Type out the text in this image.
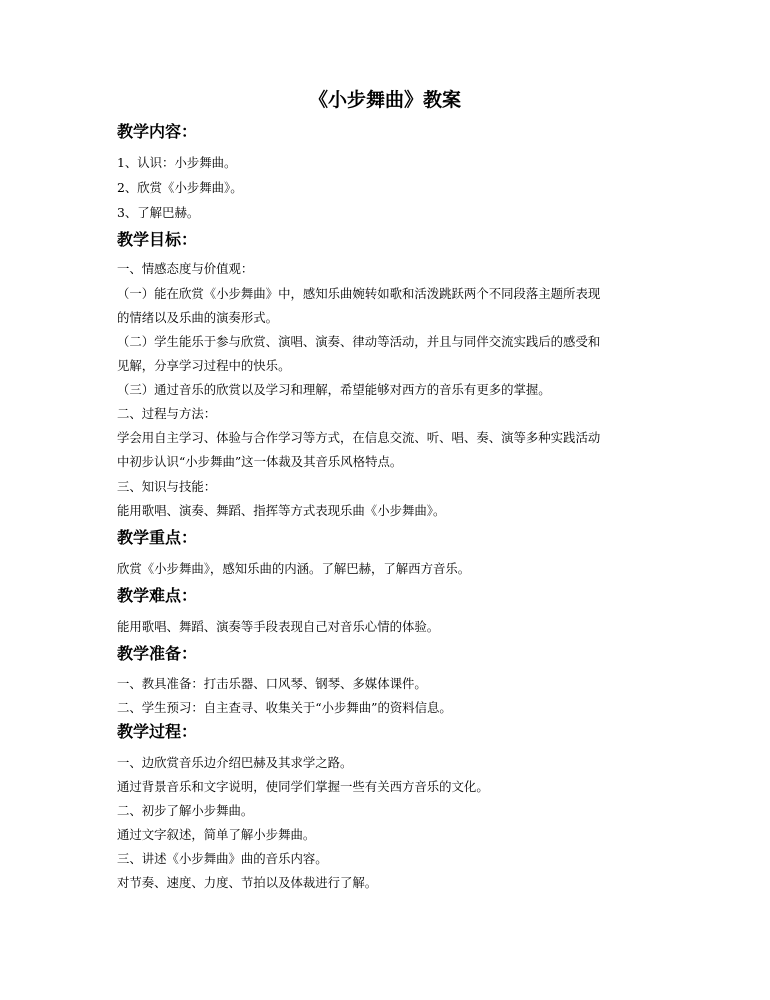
《小步舞曲》教案
教学内容：
1、认识：小步舞曲。
2、欣赏《小步舞曲》。
3、了解巴赫。
教学目标：
一、情感态度与价值观：
（一）能在欣赏《小步舞曲》中，感知乐曲婉转如歌和活泼跳跃两个不同段落主题所表现
的情绪以及乐曲的演奏形式。
（二）学生能乐于参与欣赏、演唱、演奏、律动等活动，并且与同伴交流实践后的感受和
见解，分享学习过程中的快乐。
（三）通过音乐的欣赏以及学习和理解，希望能够对西方的音乐有更多的掌握。
二、过程与方法：
学会用自主学习、体验与合作学习等方式，在信息交流、听、唱、奏、演等多种实践活动
中初步认识“小步舞曲”这一体裁及其音乐风格特点。
三、知识与技能：
能用歌唱、演奏、舞蹈、指挥等方式表现乐曲《小步舞曲》。
教学重点：
欣赏《小步舞曲》，感知乐曲的内涵。了解巴赫，了解西方音乐。
教学难点：
能用歌唱、舞蹈、演奏等手段表现自己对音乐心情的体验。
教学准备：
一、教具准备：打击乐器、口风琴、钢琴、多媒体课件。
二、学生预习：自主查寻、收集关于“小步舞曲”的资料信息。
教学过程：
一、边欣赏音乐边介绍巴赫及其求学之路。
通过背景音乐和文字说明，使同学们掌握一些有关西方音乐的文化。
二、初步了解小步舞曲。
通过文字叙述，简单了解小步舞曲。
三、讲述《小步舞曲》曲的音乐内容。
对节奏、速度、力度、节拍以及体裁进行了解。
